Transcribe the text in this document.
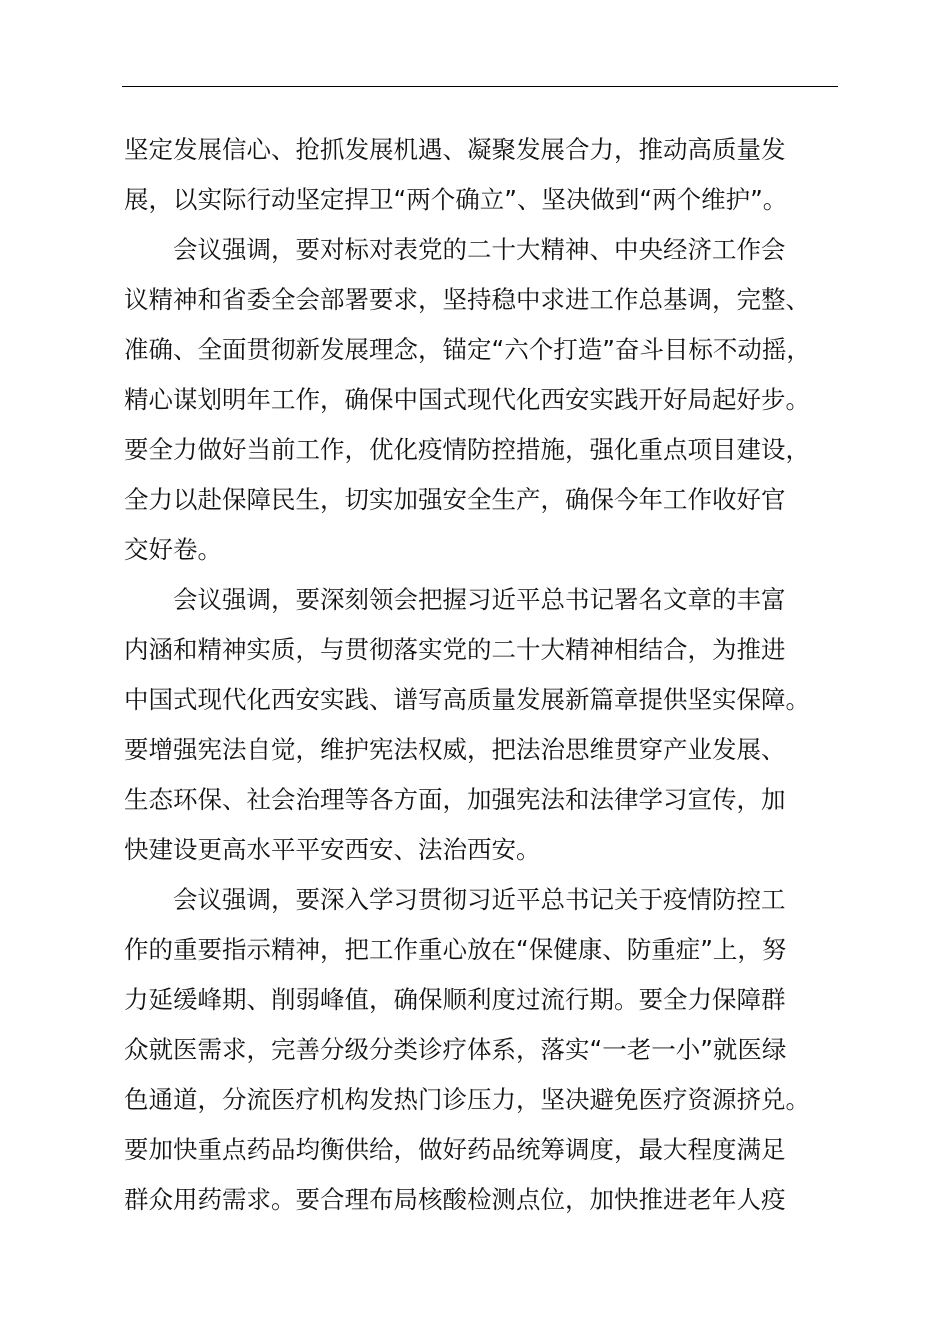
坚定发展信心、抢抓发展机遇、凝聚发展合力，推动高质量发
展，以实际行动坚定捍卫“两个确立”、坚决做到“两个维护”。
　　会议强调，要对标对表党的二十大精神、中央经济工作会
议精神和省委全会部署要求，坚持稳中求进工作总基调，完整、
准确、全面贯彻新发展理念，锚定“六个打造”奋斗目标不动摇，
精心谋划明年工作，确保中国式现代化西安实践开好局起好步。
要全力做好当前工作，优化疫情防控措施，强化重点项目建设，
全力以赴保障民生，切实加强安全生产，确保今年工作收好官
交好卷。
　　会议强调，要深刻领会把握习近平总书记署名文章的丰富
内涵和精神实质，与贯彻落实党的二十大精神相结合，为推进
中国式现代化西安实践、谱写高质量发展新篇章提供坚实保障。
要增强宪法自觉，维护宪法权威，把法治思维贯穿产业发展、
生态环保、社会治理等各方面，加强宪法和法律学习宣传，加
快建设更高水平平安西安、法治西安。
　　会议强调，要深入学习贯彻习近平总书记关于疫情防控工
作的重要指示精神，把工作重心放在“保健康、防重症”上，努
力延缓峰期、削弱峰值，确保顺利度过流行期。要全力保障群
众就医需求，完善分级分类诊疗体系，落实“一老一小”就医绿
色通道，分流医疗机构发热门诊压力，坚决避免医疗资源挤兑。
要加快重点药品均衡供给，做好药品统筹调度，最大程度满足
群众用药需求。要合理布局核酸检测点位，加快推进老年人疫
